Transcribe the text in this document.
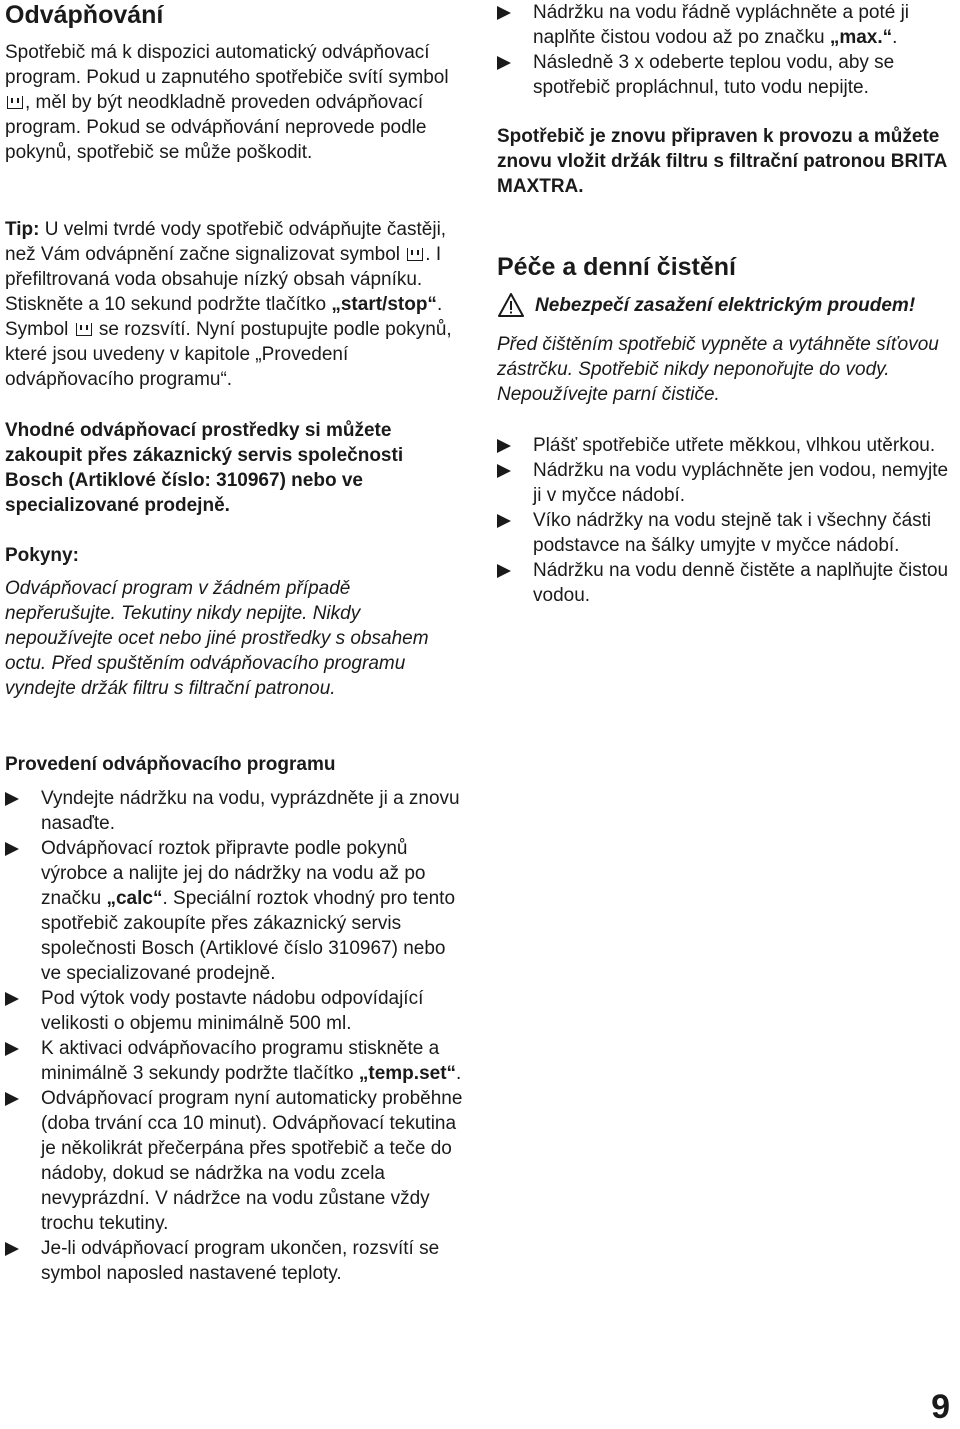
Odvápňování

Spotřebič má k dispozici automatický odvápňovací program. Pokud u zapnutého spotřebiče svítí symbol , měl by být neodkladně proveden odvápňovací program. Pokud se odvápňování neprovede podle pokynů, spotřebič se může poškodit.

Tip: U velmi tvrdé vody spotřebič odvápňujte častěji, než Vám odvápnění začne signalizovat symbol . I přefiltrovaná voda obsahuje nízký obsah vápníku. Stiskněte a 10 sekund podržte tlačítko „start/stop“. Symbol  se rozsvítí. Nyní postupujte podle pokynů, které jsou uvedeny v kapitole „Provedení odvápňovacího programu“.

Vhodné odvápňovací prostředky si můžete zakoupit přes zákaznický servis společnosti Bosch (Artiklové číslo: 310967) nebo ve specializované prodejně.

Pokyny:

Odvápňovací program v žádném případě nepřerušujte. Tekutiny nikdy nepijte. Nikdy nepoužívejte ocet nebo jiné prostředky s obsahem octu. Před spuštěním odvápňovacího programu vyndejte držák filtru s filtrační patronou.

Provedení odvápňovacího programu

Vyndejte nádržku na vodu, vyprázdněte ji a znovu nasaďte.
Odvápňovací roztok připravte podle pokynů výrobce a nalijte jej do nádržky na vodu až po značku „calc“. Speciální roztok vhodný pro tento spotřebič zakoupíte přes zákaznický servis společnosti Bosch (Artiklové číslo 310967) nebo ve specializované prodejně.
Pod výtok vody postavte nádobu odpovídající velikosti o objemu minimálně 500 ml.
K aktivaci odvápňovacího programu stiskněte a minimálně 3 sekundy podržte tlačítko „temp.set“.
Odvápňovací program nyní automaticky proběhne (doba trvání cca 10 minut). Odvápňovací tekutina je několikrát přečerpána přes spotřebič a teče do nádoby, dokud se nádržka na vodu zcela nevyprázdní. V nádržce na vodu zůstane vždy trochu tekutiny.
Je-li odvápňovací program ukončen, rozsvítí se symbol naposled nastavené teploty.
Nádržku na vodu řádně vypláchněte a poté ji naplňte čistou vodou až po značku „max.“.
Následně 3 x odeberte teplou vodu, aby se spotřebič propláchnul, tuto vodu nepijte.

Spotřebič je znovu připraven k provozu a můžete znovu vložit držák filtru s filtrační patronou BRITA MAXTRA.

Péče a denní čistění
Nebezpečí zasažení elektrickým proudem!

Před čištěním spotřebič vypněte a vytáhněte síťovou zástrčku. Spotřebič nikdy neponořujte do vody. Nepoužívejte parní čističe.

Plášť spotřebiče utřete měkkou, vlhkou utěrkou.
Nádržku na vodu vypláchněte jen vodou, nemyjte ji v myčce nádobí.
Víko nádržky na vodu stejně tak i všechny části podstavce na šálky umyjte v myčce nádobí.
Nádržku na vodu denně čistěte a naplňujte čistou vodou.
9
